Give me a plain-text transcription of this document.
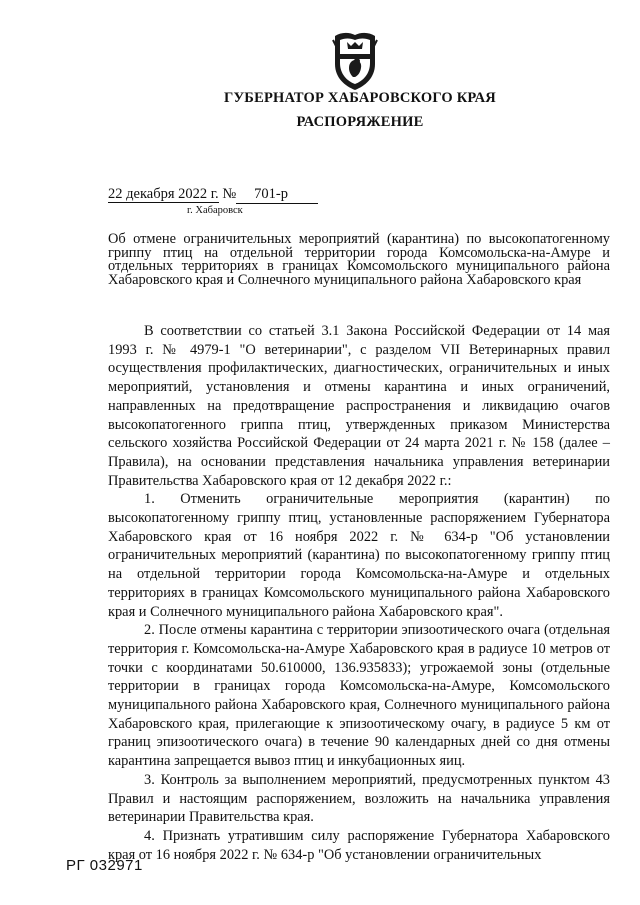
ГУБЕРНАТОР ХАБАРОВСКОГО КРАЯ
РАСПОРЯЖЕНИЕ
22 декабря 2022 г. № 701-р
г. Хабаровск
Об отмене ограничительных мероприятий (карантина) по высокопатогенному гриппу птиц на отдельной территории города Комсомольска-на-Амуре и отдельных территориях в границах Комсомольского муниципального района Хабаровского края и Солнечного муниципального района Хабаровского края

В соответствии со статьей 3.1 Закона Российской Федерации от 14 мая 1993 г. № 4979-1 "О ветеринарии", с разделом VII Ветеринарных правил осуществления профилактических, диагностических, ограничительных и иных мероприятий, установления и отмены карантина и иных ограничений, направленных на предотвращение распространения и ликвидацию очагов высокопатогенного гриппа птиц, утвержденных приказом Министерства сельского хозяйства Российской Федерации от 24 марта 2021 г. № 158 (далее – Правила), на основании представления начальника управления ветеринарии Правительства Хабаровского края от 12 декабря 2022 г.:

1. Отменить ограничительные мероприятия (карантин) по высокопатогенному гриппу птиц, установленные распоряжением Губернатора Хабаровского края от 16 ноября 2022 г. № 634-р "Об установлении ограничительных мероприятий (карантина) по высокопатогенному гриппу птиц на отдельной территории города Комсомольска-на-Амуре и отдельных территориях в границах Комсомольского муниципального района Хабаровского края и Солнечного муниципального района Хабаровского края".

2. После отмены карантина с территории эпизоотического очага (отдельная территория г. Комсомольска-на-Амуре Хабаровского края в радиусе 10 метров от точки с координатами 50.610000, 136.935833); угрожаемой зоны (отдельные территории в границах города Комсомольска-на-Амуре, Комсомольского муниципального района Хабаровского края, Солнечного муниципального района Хабаровского края, прилегающие к эпизоотическому очагу, в радиусе 5 км от границ эпизоотического очага) в течение 90 календарных дней со дня отмены карантина запрещается вывоз птиц и инкубационных яиц.

3. Контроль за выполнением мероприятий, предусмотренных пунктом 43 Правил и настоящим распоряжением, возложить на начальника управления ветеринарии Правительства края.

4. Признать утратившим силу распоряжение Губернатора Хабаровского края от 16 ноября 2022 г. № 634-р "Об установлении ограничительных

РГ 032971
